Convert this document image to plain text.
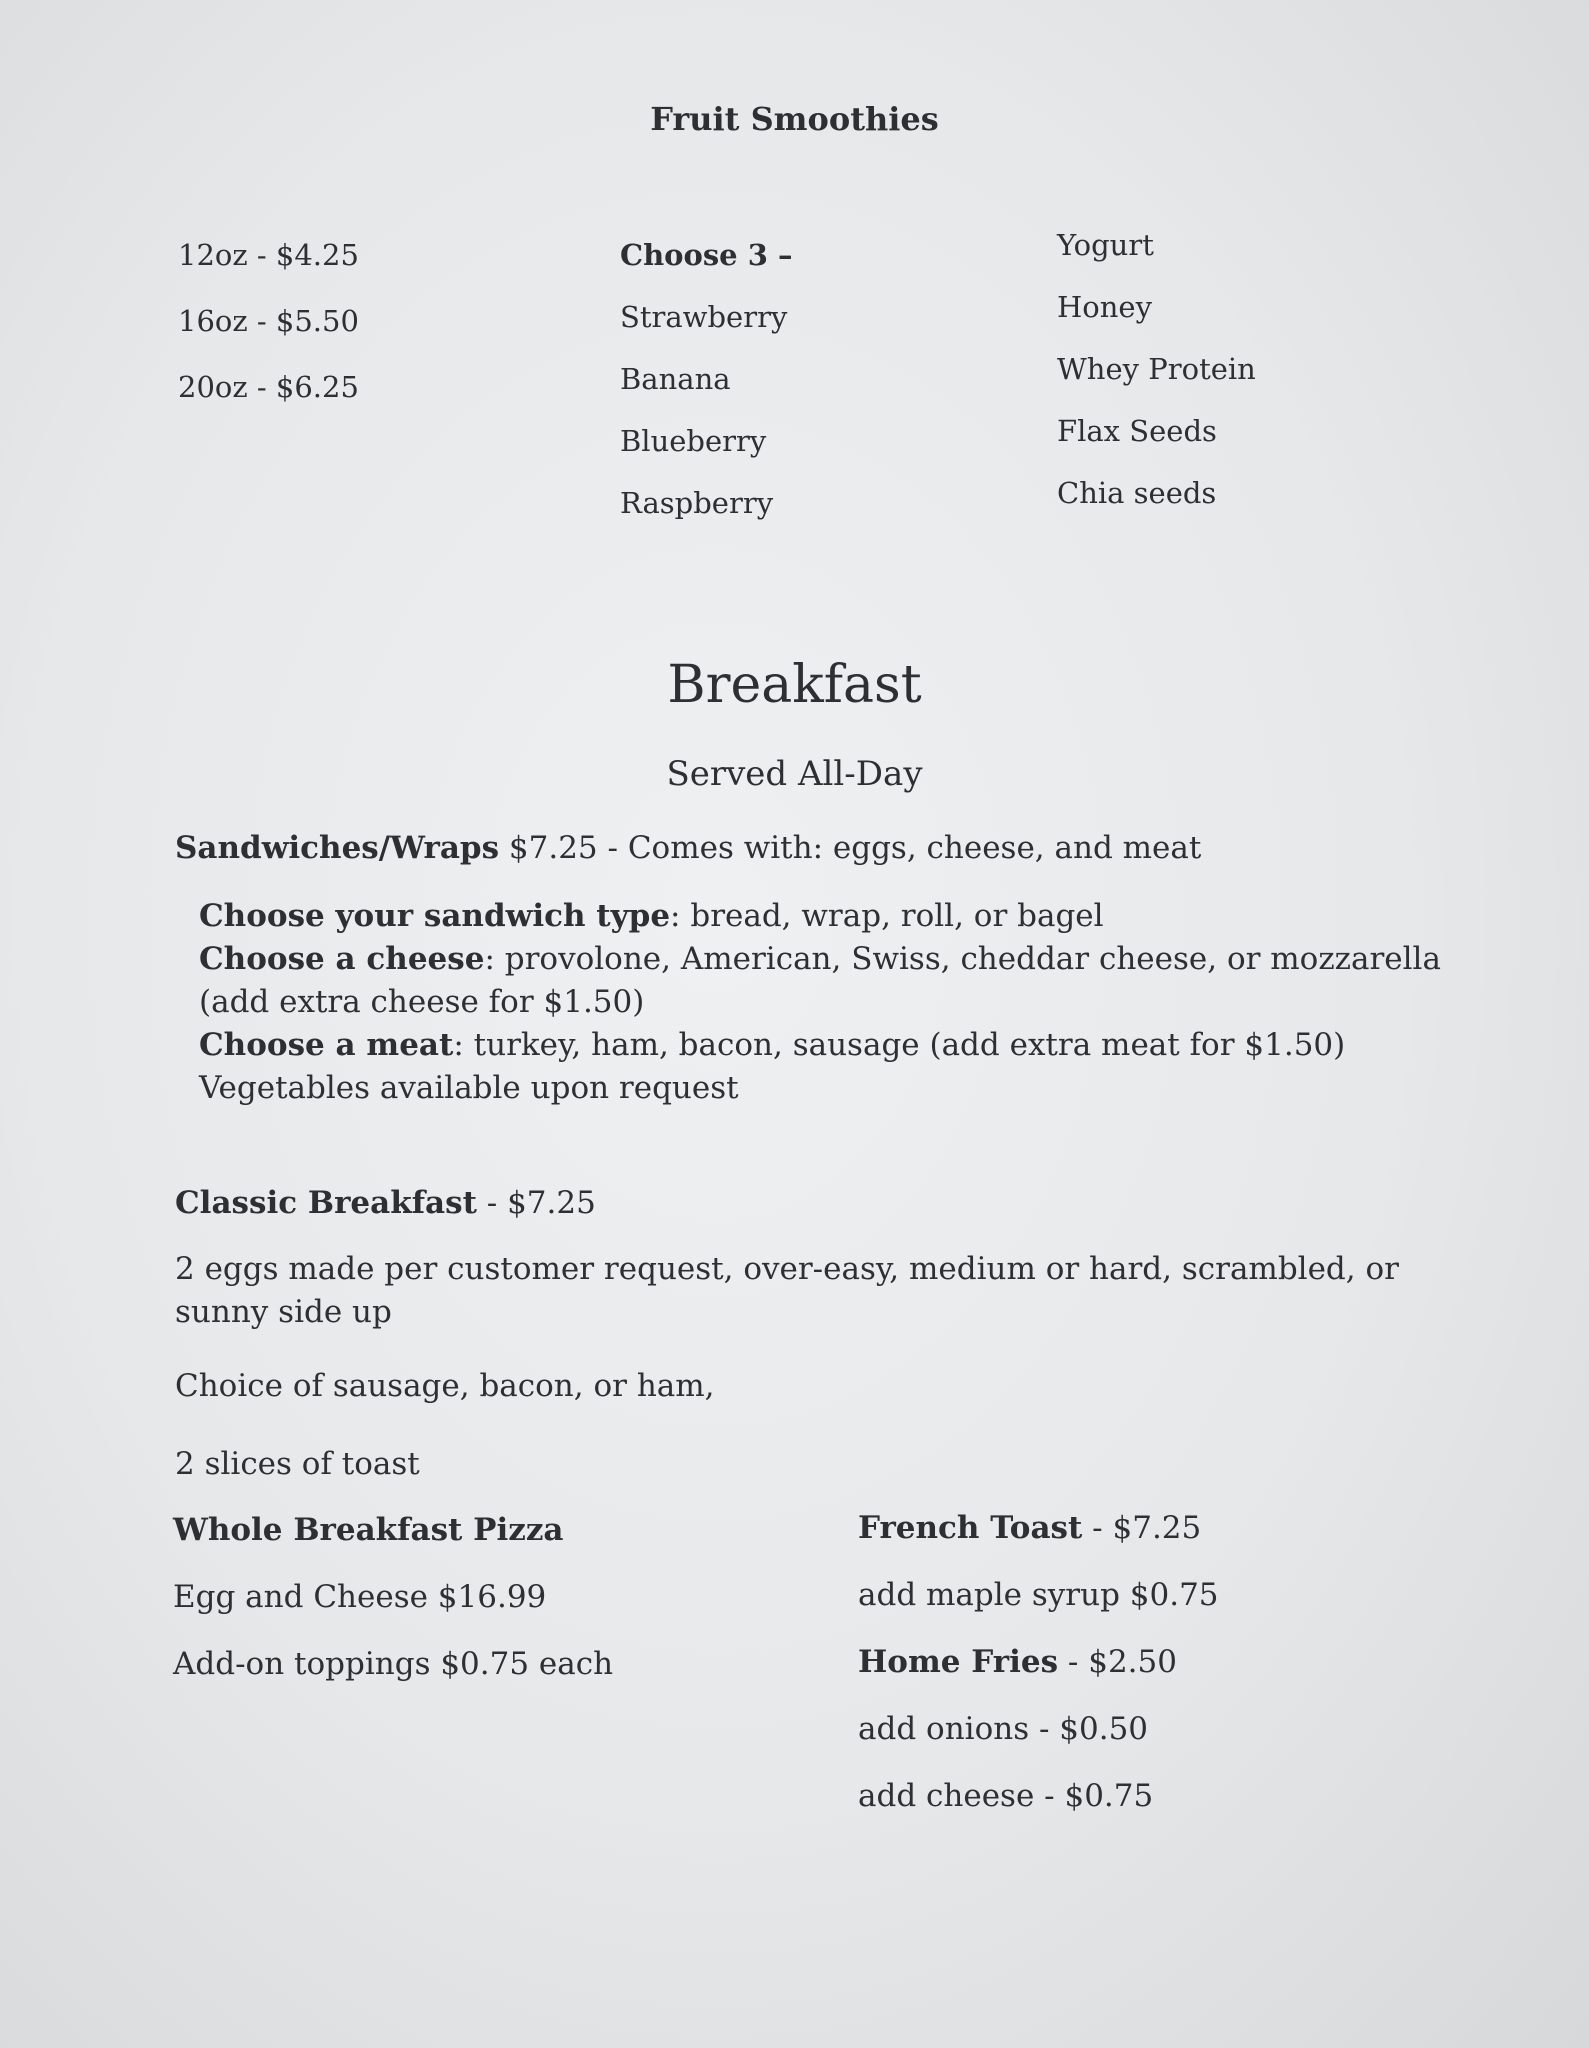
Fruit Smoothies
12oz - $4.25
16oz - $5.50
20oz - $6.25
Choose 3 –
Strawberry
Banana
Blueberry
Raspberry
Yogurt
Honey
Whey Protein
Flax Seeds
Chia seeds
Breakfast
Served All-Day
Sandwiches/Wraps $7.25 - Comes with: eggs, cheese, and meat
Choose your sandwich type: bread, wrap, roll, or bagel
Choose a cheese: provolone, American, Swiss, cheddar cheese, or mozzarella
(add extra cheese for $1.50)
Choose a meat: turkey, ham, bacon, sausage (add extra meat for $1.50)
Vegetables available upon request
Classic Breakfast - $7.25
2 eggs made per customer request, over-easy, medium or hard, scrambled, or sunny side up
Choice of sausage, bacon, or ham,
2 slices of toast
Whole Breakfast Pizza
Egg and Cheese $16.99
Add-on toppings $0.75 each
French Toast - $7.25
add maple syrup $0.75
Home Fries - $2.50
add onions - $0.50
add cheese - $0.75
